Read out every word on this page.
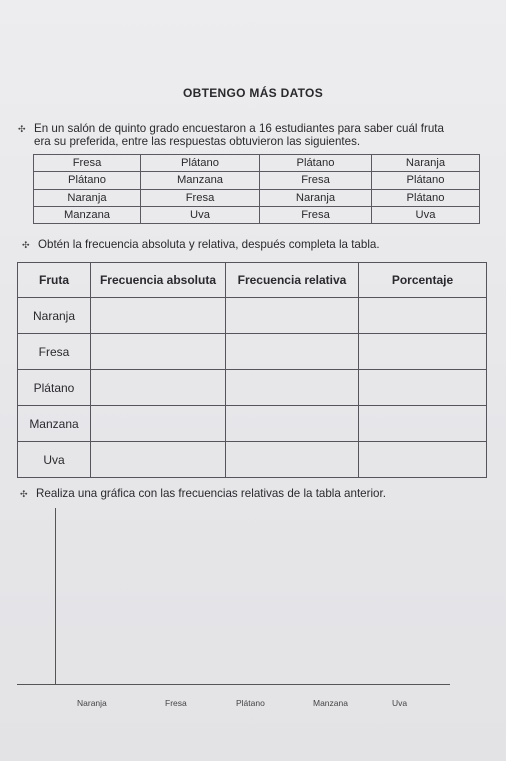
OBTENGO MÁS DATOS
✣ En un salón de quinto grado encuestaron a 16 estudiantes para saber cuál fruta
era su preferida, entre las respuestas obtuvieron las siguientes.
Fresa	Plátano	Plátano	Naranja
Plátano	Manzana	Fresa	Plátano
Naranja	Fresa	Naranja	Plátano
Manzana	Uva	Fresa	Uva
✣ Obtén la frecuencia absoluta y relativa, después completa la tabla.
Fruta	Frecuencia absoluta	Frecuencia relativa	Porcentaje
Naranja			
Fresa			
Plátano			
Manzana			
Uva			
✣ Realiza una gráfica con las frecuencias relativas de la tabla anterior.
Naranja	Fresa	Plátano	Manzana	Uva
